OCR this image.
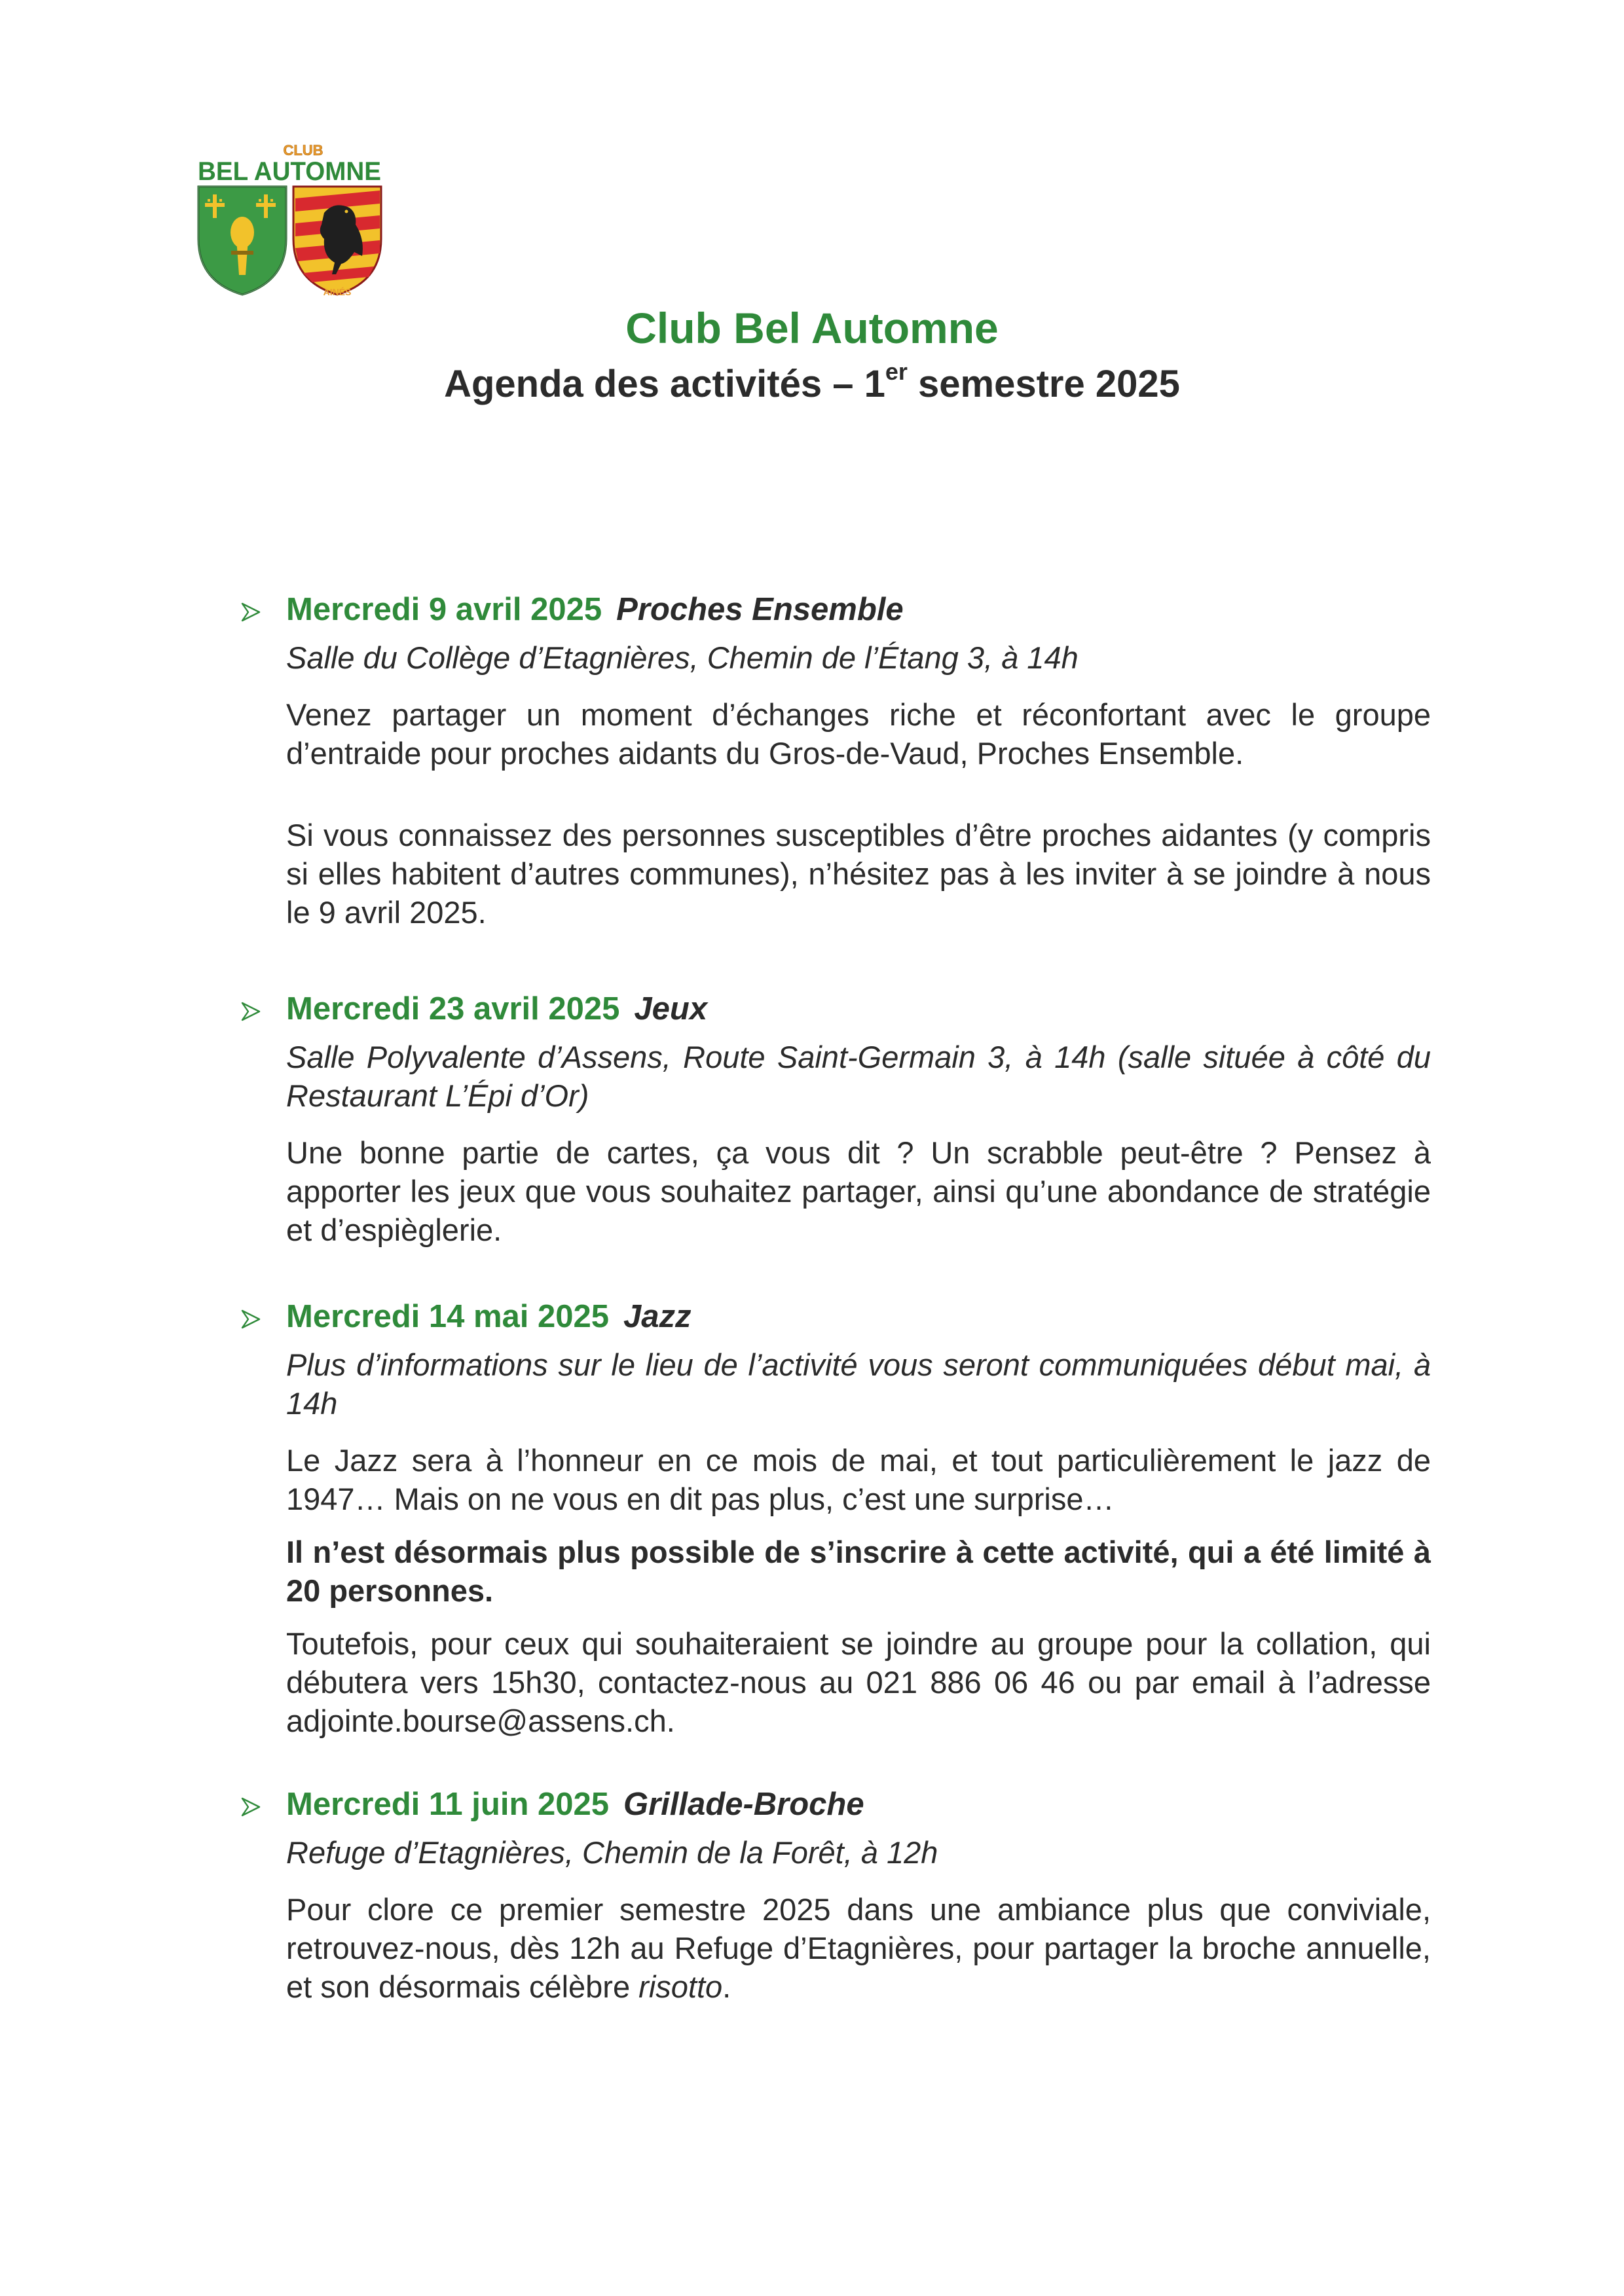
CLUB
BEL AUTOMNE
AINÉS
Club Bel Automne
Agenda des activités – 1er semestre 2025
Mercredi 9 avril 2025 Proches Ensemble
Salle du Collège d’Etagnières, Chemin de l’Étang 3, à 14h
Venez partager un moment d’échanges riche et réconfortant avec le groupe d’entraide pour proches aidants du Gros-de-Vaud, Proches Ensemble.
Si vous connaissez des personnes susceptibles d’être proches aidantes (y compris si elles habitent d’autres communes), n’hésitez pas à les inviter à se joindre à nous le 9 avril 2025.
Mercredi 23 avril 2025 Jeux
Salle Polyvalente d’Assens, Route Saint-Germain 3, à 14h (salle située à côté du Restaurant L’Épi d’Or)
Une bonne partie de cartes, ça vous dit ? Un scrabble peut-être ? Pensez à apporter les jeux que vous souhaitez partager, ainsi qu’une abondance de stratégie et d’espièglerie.
Mercredi 14 mai 2025 Jazz
Plus d’informations sur le lieu de l’activité vous seront communiquées début mai, à 14h
Le Jazz sera à l’honneur en ce mois de mai, et tout particulièrement le jazz de 1947… Mais on ne vous en dit pas plus, c’est une surprise…
Il n’est désormais plus possible de s’inscrire à cette activité, qui a été limité à 20 personnes.
Toutefois, pour ceux qui souhaiteraient se joindre au groupe pour la collation, qui débutera vers 15h30, contactez-nous au 021 886 06 46 ou par email à l’adresse adjointe.bourse@assens.ch.
Mercredi 11 juin 2025 Grillade-Broche
Refuge d’Etagnières, Chemin de la Forêt, à 12h
Pour clore ce premier semestre 2025 dans une ambiance plus que conviviale, retrouvez-nous, dès 12h au Refuge d’Etagnières, pour partager la broche annuelle, et son désormais célèbre risotto.
